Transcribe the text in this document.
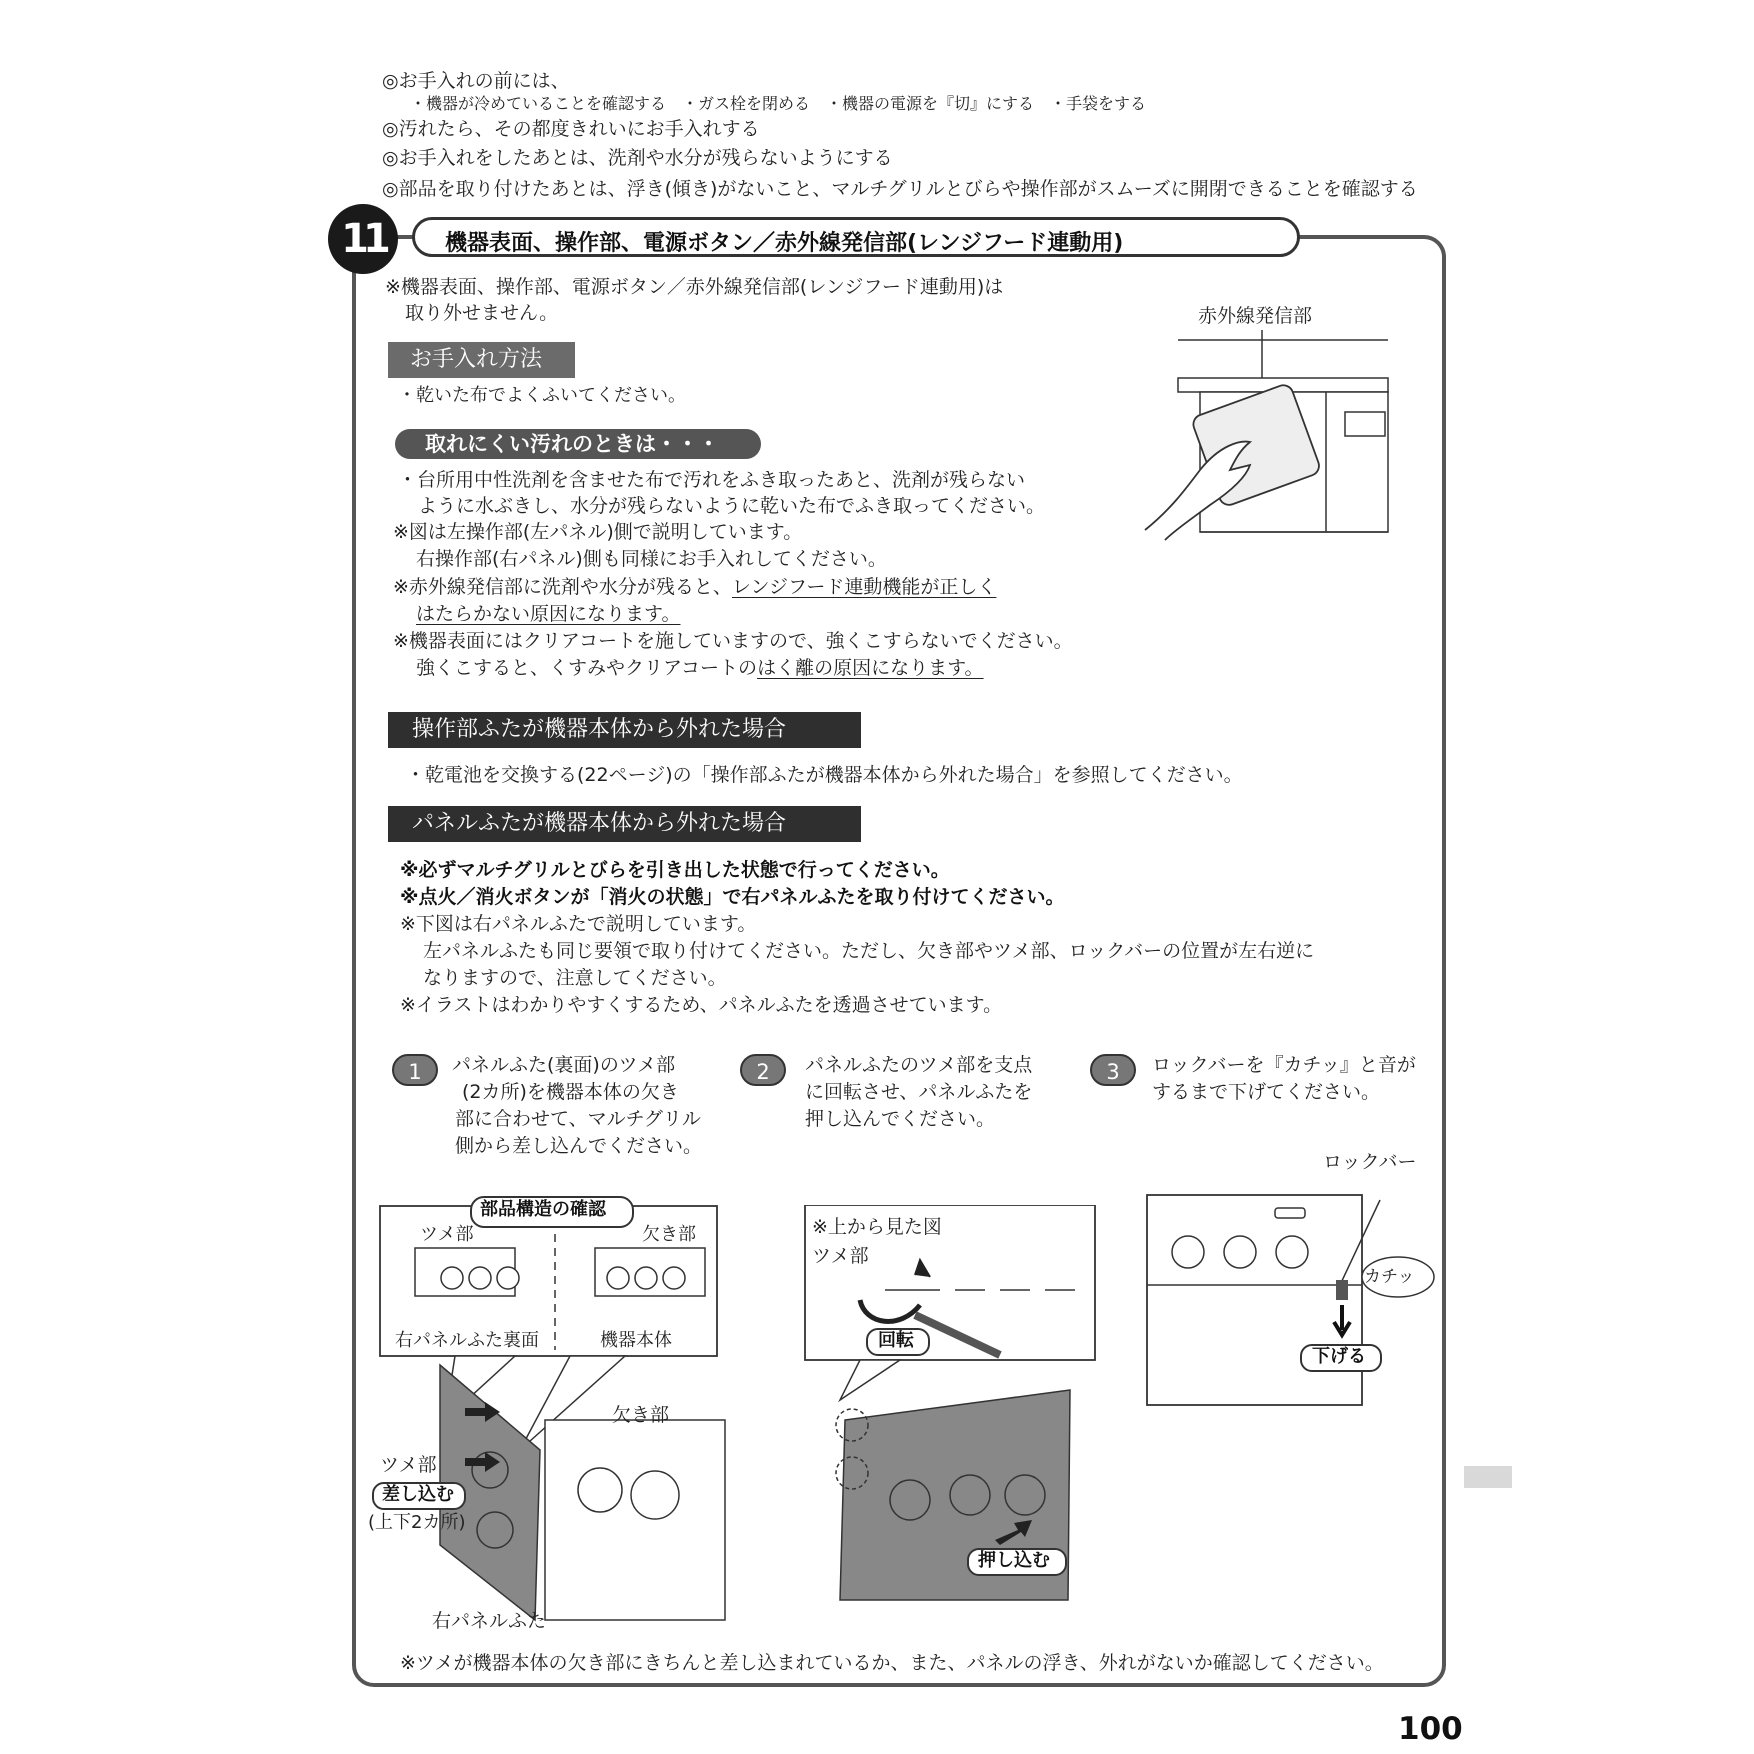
◎お手入れの前には、
・機器が冷めていることを確認する　・ガス栓を閉める　・機器の電源を『切』にする　・手袋をする
◎汚れたら、その都度きれいにお手入れする
◎お手入れをしたあとは、洗剤や水分が残らないようにする
◎部品を取り付けたあとは、浮き(傾き)がないこと、マルチグリルとびらや操作部がスムーズに開閉できることを確認する
11	機器表面、操作部、電源ボタン／赤外線発信部(レンジフード連動用)
※機器表面、操作部、電源ボタン／赤外線発信部(レンジフード連動用)は
取り外せません。
お手入れ方法
・乾いた布でよくふいてください。
取れにくい汚れのときは・・・
・台所用中性洗剤を含ませた布で汚れをふき取ったあと、洗剤が残らない
ように水ぶきし、水分が残らないように乾いた布でふき取ってください。
※図は左操作部(左パネル)側で説明しています。
右操作部(右パネル)側も同様にお手入れしてください。
※赤外線発信部に洗剤や水分が残ると、レンジフード連動機能が正しく
はたらかない原因になります。
※機器表面にはクリアコートを施していますので、強くこすらないでください。
強くこすると、くすみやクリアコートのはく離の原因になります。
赤外線発信部
操作部ふたが機器本体から外れた場合
・乾電池を交換する(22ページ)の「操作部ふたが機器本体から外れた場合」を参照してください。
パネルふたが機器本体から外れた場合
※必ずマルチグリルとびらを引き出した状態で行ってください。
※点火／消火ボタンが「消火の状態」で右パネルふたを取り付けてください。
※下図は右パネルふたで説明しています。
左パネルふたも同じ要領で取り付けてください。ただし、欠き部やツメ部、ロックバーの位置が左右逆に
なりますので、注意してください。
※イラストはわかりやすくするため、パネルふたを透過させています。
1	パネルふた(裏面)のツメ部
(2カ所)を機器本体の欠き
部に合わせて、マルチグリル
側から差し込んでください。
2	パネルふたのツメ部を支点
に回転させ、パネルふたを
押し込んでください。
3	ロックバーを『カチッ』と音が
するまで下げてください。
部品構造の確認
ツメ部	欠き部
右パネルふた裏面	機器本体
欠き部
ツメ部
差し込む
(上下2カ所)
右パネルふた
※上から見た図
ツメ部
回転
押し込む
ロックバー
カチッ
下げる
※ツメが機器本体の欠き部にきちんと差し込まれているか、また、パネルの浮き、外れがないか確認してください。
100
